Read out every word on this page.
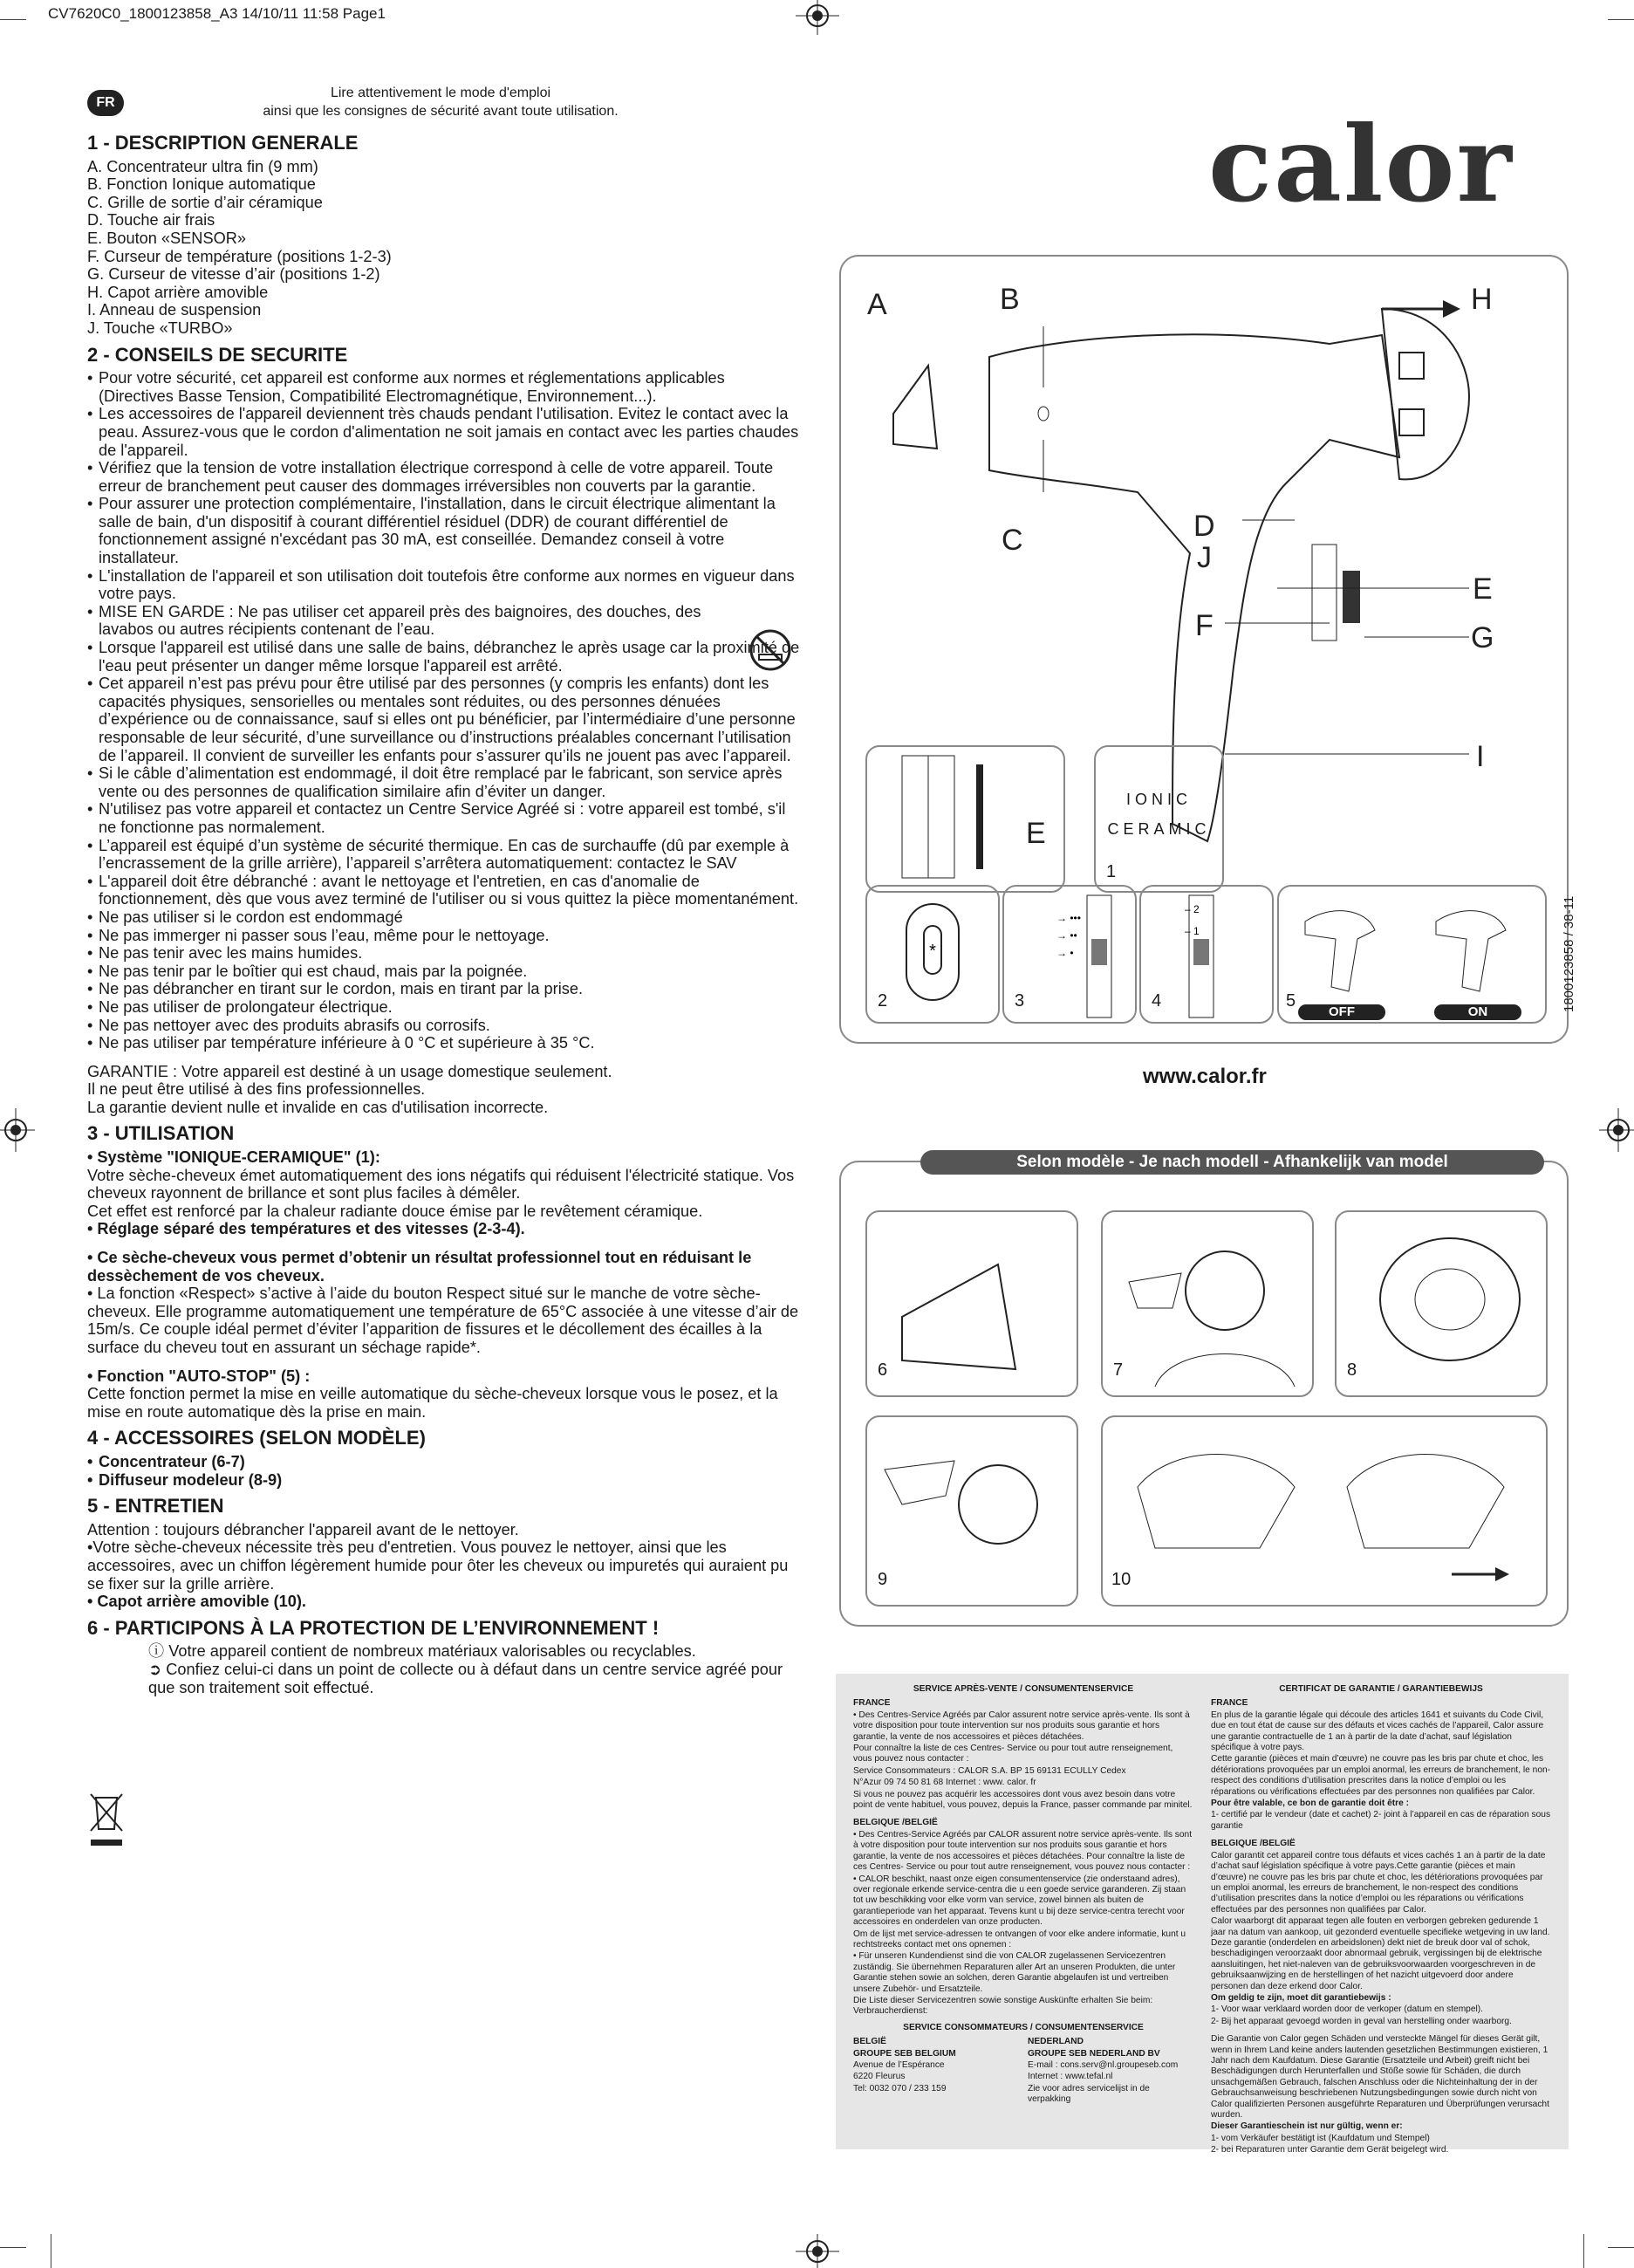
CV7620C0_1800123858_A3 14/10/11 11:58 Page1
FR
Lire attentivement le mode d'emploi
ainsi que les consignes de sécurité avant toute utilisation.	calor
1 - DESCRIPTION GENERALE

A. Concentrateur ultra fin (9 mm)

B. Fonction Ionique automatique

C. Grille de sortie d’air céramique

D. Touche air frais

E. Bouton «SENSOR»

F. Curseur de température (positions 1-2-3)

G. Curseur de vitesse d’air (positions 1-2)

H. Capot arrière amovible

I. Anneau de suspension

J. Touche «TURBO»

2 - CONSEILS DE SECURITE
• Pour votre sécurité, cet appareil est conforme aux normes et réglementations applicables (Directives Basse Tension, Compatibilité Electromagnétique, Environnement...).
• Les accessoires de l'appareil deviennent très chauds pendant l'utilisation. Evitez le contact avec la peau. Assurez-vous que le cordon d'alimentation ne soit jamais en contact avec les parties chaudes de l'appareil.
• Vérifiez que la tension de votre installation électrique correspond à celle de votre appareil. Toute erreur de branchement peut causer des dommages irréversibles non couverts par la garantie.
• Pour assurer une protection complémentaire, l'installation, dans le circuit électrique alimentant la salle de bain, d'un dispositif à courant différentiel résiduel (DDR) de courant différentiel de fonctionnement assigné n'excédant pas 30 mA, est conseillée. Demandez conseil à votre installateur.
• L'installation de l'appareil et son utilisation doit toutefois être conforme aux normes en vigueur dans votre pays.
• MISE EN GARDE : Ne pas utiliser cet appareil près des baignoires, des douches, des lavabos ou autres récipients contenant de l’eau.
• Lorsque l'appareil est utilisé dans une salle de bains, débranchez le après usage car la proximité de l'eau peut présenter un danger même lorsque l'appareil est arrêté.
• Cet appareil n’est pas prévu pour être utilisé par des personnes (y compris les enfants) dont les capacités physiques, sensorielles ou mentales sont réduites, ou des personnes dénuées d’expérience ou de connaissance, sauf si elles ont pu bénéficier, par l’intermédiaire d’une personne responsable de leur sécurité, d’une surveillance ou d’instructions préalables concernant l’utilisation de l’appareil. Il convient de surveiller les enfants pour s’assurer qu’ils ne jouent pas avec l’appareil.
• Si le câble d’alimentation est endommagé, il doit être remplacé par le fabricant, son service après vente ou des personnes de qualification similaire afin d’éviter un danger.
• N'utilisez pas votre appareil et contactez un Centre Service Agréé si : votre appareil est tombé, s'il ne fonctionne pas normalement.
• L’appareil est équipé d’un système de sécurité thermique. En cas de surchauffe (dû par exemple à l’encrassement de la grille arrière), l’appareil s’arrêtera automatiquement: contactez le SAV
• L'appareil doit être débranché : avant le nettoyage et l'entretien, en cas d'anomalie de fonctionnement, dès que vous avez terminé de l'utiliser ou si vous quittez la pièce momentanément.
• Ne pas utiliser si le cordon est endommagé
• Ne pas immerger ni passer sous l’eau, même pour le nettoyage.
• Ne pas tenir avec les mains humides.
• Ne pas tenir par le boîtier qui est chaud, mais par la poignée.
• Ne pas débrancher en tirant sur le cordon, mais en tirant par la prise.
• Ne pas utiliser de prolongateur électrique.
• Ne pas nettoyer avec des produits abrasifs ou corrosifs.
• Ne pas utiliser par température inférieure à 0 °C et supérieure à 35 °C.

GARANTIE : Votre appareil est destiné à un usage domestique seulement.

Il ne peut être utilisé à des fins professionnelles.

La garantie devient nulle et invalide en cas d'utilisation incorrecte.

3 - UTILISATION

• Système "IONIQUE-CERAMIQUE" (1):

Votre sèche-cheveux émet automatiquement des ions négatifs qui réduisent l'électricité statique. Vos cheveux rayonnent de brillance et sont plus faciles à démêler.

Cet effet est renforcé par la chaleur radiante douce émise par le revêtement céramique.

• Réglage séparé des températures et des vitesses (2-3-4).

• Ce sèche-cheveux vous permet d’obtenir un résultat professionnel tout en réduisant le dessèchement de vos cheveux.

• La fonction «Respect» s’active à l’aide du bouton Respect situé sur le manche de votre sèche-cheveux. Elle programme automatiquement une température de 65°C associée à une vitesse d’air de 15m/s. Ce couple idéal permet d’éviter l’apparition de fissures et le décollement des écailles à la surface du cheveu tout en assurant un séchage rapide*.

• Fonction "AUTO-STOP" (5) :

Cette fonction permet la mise en veille automatique du sèche-cheveux lorsque vous le posez, et la mise en route automatique dès la prise en main.

4 - ACCESSOIRES (SELON MODÈLE)
• Concentrateur (6-7)
• Diffuseur modeleur (8-9)
5 - ENTRETIEN

Attention : toujours débrancher l'appareil avant de le nettoyer.

•Votre sèche-cheveux nécessite très peu d'entretien. Vous pouvez le nettoyer, ainsi que les accessoires, avec un chiffon légèrement humide pour ôter les cheveux ou impuretés qui auraient pu se fixer sur la grille arrière.

• Capot arrière amovible (10).

6 - PARTICIPONS À LA PROTECTION DE L’ENVIRONNEMENT !

ⓘ Votre appareil contient de nombreux matériaux valorisables ou recyclables.

➲ Confiez celui-ci dans un point de collecte ou à défaut dans un centre service agréé pour que son traitement soit effectué.

A	B	H
C	D
J
E
F	G
I
E
IONIC
CERAMIC
1
*
2
→ •••
→ ••
→ •
3
– 2
– 1
4	5
OFF	ON	1800123858 / 38-11
www.calor.fr
6	7	8
9	10
Selon modèle - Je nach modell - Afhankelijk van model
SERVICE APRÈS-VENTE / CONSUMENTENSERVICE

FRANCE

• Des Centres-Service Agréés par Calor assurent notre service après-vente. Ils sont à votre disposition pour toute intervention sur nos produits sous garantie et hors garantie, la vente de nos accessoires et pièces détachées.

Pour connaître la liste de ces Centres- Service ou pour tout autre renseignement, vous pouvez nous contacter :

Service Consommateurs : CALOR S.A. BP 15 69131 ECULLY Cedex

N°Azur 09 74 50 81 68 Internet : www. calor. fr

Si vous ne pouvez pas acquérir les accessoires dont vous avez besoin dans votre point de vente habituel, vous pouvez, depuis la France, passer commande par minitel.

BELGIQUE /BELGIË

• Des Centres-Service Agréés par CALOR assurent notre service après-vente. Ils sont à votre disposition pour toute intervention sur nos produits sous garantie et hors garantie, la vente de nos accessoires et pièces détachées. Pour connaître la liste de ces Centres- Service ou pour tout autre renseignement, vous pouvez nous contacter :

• CALOR beschikt, naast onze eigen consumentenservice (zie onderstaand adres), over regionale erkende service-centra die u een goede service garanderen. Zij staan tot uw beschikking voor elke vorm van service, zowel binnen als buiten de garantieperiode van het apparaat. Tevens kunt u bij deze service-centra terecht voor accessoires en onderdelen van onze producten.

Om de lijst met service-adressen te ontvangen of voor elke andere informatie, kunt u rechtstreeks contact met ons opnemen :

• Für unseren Kundendienst sind die von CALOR zugelassenen Servicezentren zuständig. Sie übernehmen Reparaturen aller Art an unseren Produkten, die unter Garantie stehen sowie an solchen, deren Garantie abgelaufen ist und vertreiben unsere Zubehör- und Ersatzteile.

Die Liste dieser Servicezentren sowie sonstige Auskünfte erhalten Sie beim: Verbraucherdienst:

SERVICE CONSOMMATEURS / CONSUMENTENSERVICE

BELGIË

GROUPE SEB BELGIUM

Avenue de l’Espérance

6220 Fleurus

Tel: 0032 070 / 233 159

NEDERLAND

GROUPE SEB NEDERLAND BV

E-mail : cons.serv@nl.groupeseb.com

Internet : www.tefal.nl

Zie voor adres servicelijst in de verpakking

CERTIFICAT DE GARANTIE / GARANTIEBEWIJS

FRANCE

En plus de la garantie légale qui découle des articles 1641 et suivants du Code Civil, due en tout état de cause sur des défauts et vices cachés de l’appareil, Calor assure une garantie contractuelle de 1 an à partir de la date d’achat, sauf législation spécifique à votre pays.

Cette garantie (pièces et main d’œuvre) ne couvre pas les bris par chute et choc, les détériorations provoquées par un emploi anormal, les erreurs de branchement, le non-respect des conditions d’utilisation prescrites dans la notice d’emploi ou les réparations ou vérifications effectuées par des personnes non qualifiées par Calor.

Pour être valable, ce bon de garantie doit être :

1- certifié par le vendeur (date et cachet) 2- joint à l’appareil en cas de réparation sous garantie

BELGIQUE /BELGIË

Calor garantit cet appareil contre tous défauts et vices cachés 1 an à partir de la date d’achat sauf législation spécifique à votre pays.Cette garantie (pièces et main d’œuvre) ne couvre pas les bris par chute et choc, les détériorations provoquées par un emploi anormal, les erreurs de branchement, le non-respect des conditions d’utilisation prescrites dans la notice d’emploi ou les réparations ou vérifications effectuées par des personnes non qualifiées par Calor.

Calor waarborgt dit apparaat tegen alle fouten en verborgen gebreken gedurende 1 jaar na datum van aankoop, uit gezonderd eventuelle specifieke wetgeving in uw land. Deze garantie (onderdelen en arbeidslonen) dekt niet de breuk door val of schok, beschadigingen veroorzaakt door abnormaal gebruik, vergissingen bij de elektrische aansluitingen, het niet-naleven van de gebruiksvoorwaarden voorgeschreven in de gebruiksaanwijzing en de herstellingen of het nazicht uitgevoerd door andere personen dan deze erkend door Calor.

Om geldig te zijn, moet dit garantiebewijs :

1- Voor waar verklaard worden door de verkoper (datum en stempel).

2- Bij het apparaat gevoegd worden in geval van herstelling onder waarborg.

Die Garantie von Calor gegen Schäden und versteckte Mängel für dieses Gerät gilt, wenn in Ihrem Land keine anders lautenden gesetzlichen Bestimmungen existieren, 1 Jahr nach dem Kaufdatum. Diese Garantie (Ersatzteile und Arbeit) greift nicht bei Beschädigungen durch Herunterfallen und Stöße sowie für Schäden, die durch unsachgemäßen Gebrauch, falschen Anschluss oder die Nichteinhaltung der in der Gebrauchsanweisung beschriebenen Nutzungsbedingungen sowie durch nicht von Calor qualifizierten Personen ausgeführte Reparaturen und Überprüfungen verursacht wurden.

Dieser Garantieschein ist nur gültig, wenn er:

1- vom Verkäufer bestätigt ist (Kaufdatum und Stempel)

2- bei Reparaturen unter Garantie dem Gerät beigelegt wird.
